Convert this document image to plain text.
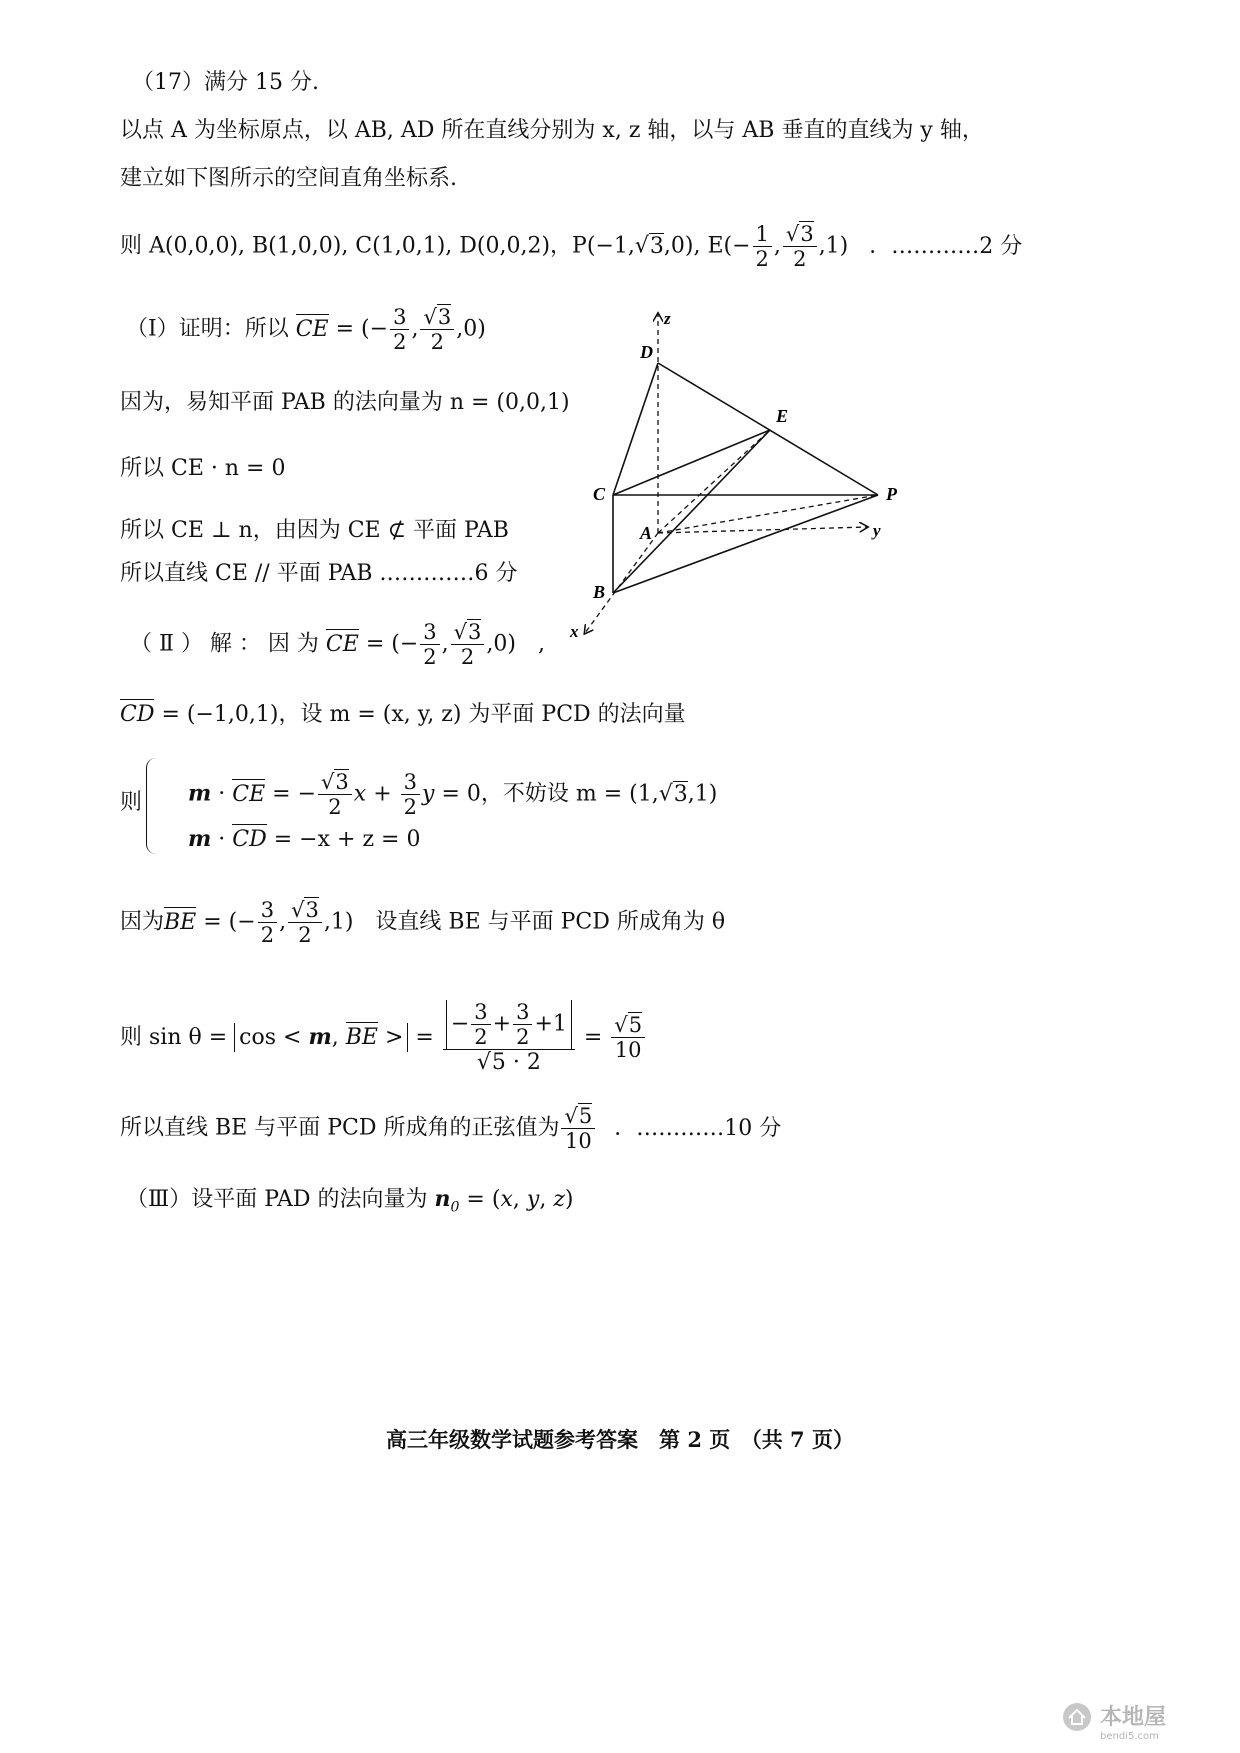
（17）满分 15 分.
以点 A 为坐标原点，以 AB, AD 所在直线分别为 x, z 轴，以与 AB 垂直的直线为 y 轴，
建立如下图所示的空间直角坐标系.
则 A(0,0,0), B(1,0,0), C(1,0,1), D(0,0,2)，P(−1,√3,0), $E(- \frac{1}{2}$ , $\frac{√3}{2} ,1$) ．…………2 分
（Ⅰ）证明：所以 CE = (− $\frac{3}{2}$ , $\frac{√3}{2} ,0$)
因为，易知平面 PAB 的法向量为 n = (0,0,1)
所以 CE · n = 0
所以 CE ⊥ n，由因为 CE ⊄ 平面 PAB
所以直线 CE // 平面 PAB .…………6 分
z
D
E
C	P
A	y
B
x
（ Ⅱ ） 解 ： 因 为 CE = (− $\frac{3}{2}$ , $\frac{√3}{2} ,0$)　,
CD = (−1,0,1)，设 m = (x, y, z) 为平面 PCD 的法向量
则 m · CE = − $\frac{√3}{2}$ $x + \frac{3}{2}$ y = 0，不妨设 m = (1,√3,1)
m · CD = −x + z = 0
因为BE = (− $\frac{3}{2}$ , $\frac{√3}{2} ,1$)　设直线 BE 与平面 PCD 所成角为 θ
则 sin θ = cos < m, BE > = $\frac{- \frac{3}{2} + \frac{3}{2} +1}{√5 \cdot 2} = \frac{√5}{10}$
所以直线 BE 与平面 PCD 所成角的正弦值为 $\frac{√5}{10}$ ．…………10 分
（Ⅲ）设平面 PAD 的法向量为 $n_0 = (x$, y, z)
高三年级数学试题参考答案　第 2 页　（共 7 页）
本地屋
bendi5.com
